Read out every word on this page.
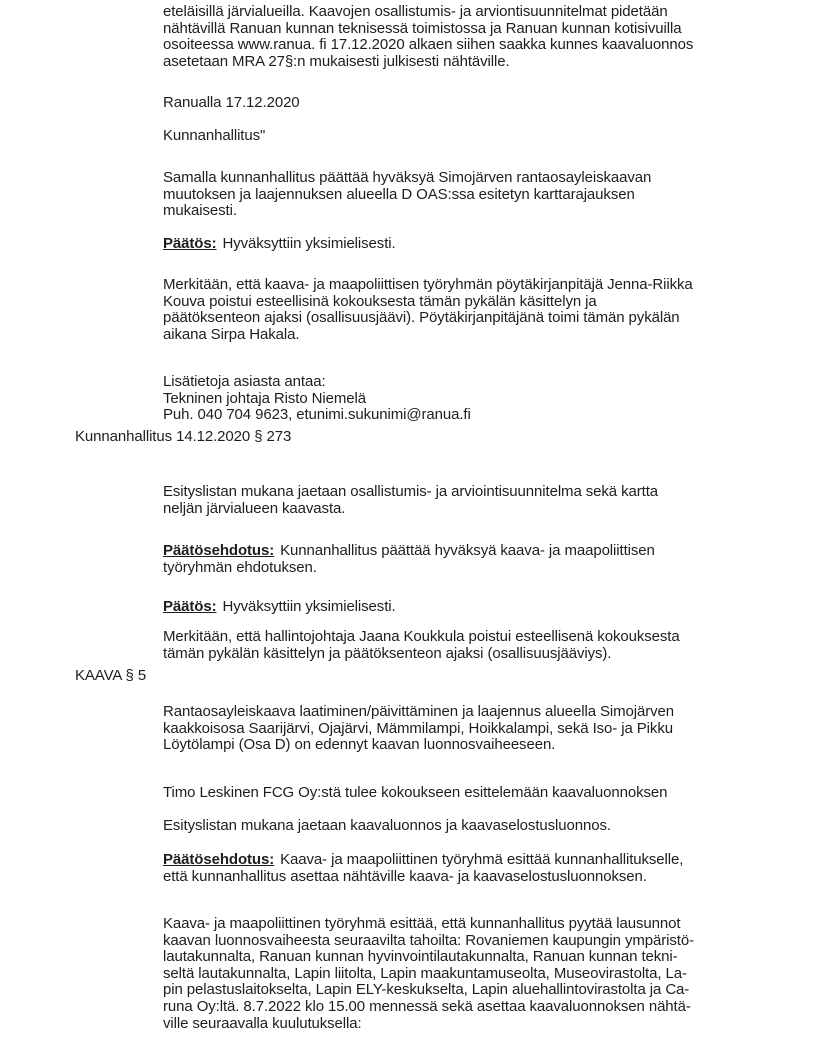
eteläisillä järvialueilla. Kaavojen osallistumis- ja arviontisuunnitelmat pidetään
nähtävillä Ranuan kunnan teknisessä toimistossa ja Ranuan kunnan kotisivuilla
osoiteessa www.ranua. fi 17.12.2020 alkaen siihen saakka kunnes kaavaluonnos
asetetaan MRA 27§:n mukaisesti julkisesti nähtäville.
Ranualla 17.12.2020
Kunnanhallitus"
Samalla kunnanhallitus päättää hyväksyä Simojärven rantaosayleiskaavan
muutoksen ja laajennuksen alueella D OAS:ssa esitetyn karttarajauksen
mukaisesti.
Päätös: Hyväksyttiin yksimielisesti.
Merkitään, että kaava- ja maapoliittisen työryhmän pöytäkirjanpitäjä Jenna-Riikka
Kouva poistui esteellisinä kokouksesta tämän pykälän käsittelyn ja
päätöksenteon ajaksi (osallisuusjäävi). Pöytäkirjanpitäjänä toimi tämän pykälän
aikana Sirpa Hakala.
Lisätietoja asiasta antaa:
Tekninen johtaja Risto Niemelä
Puh. 040 704 9623, etunimi.sukunimi@ranua.fi
Kunnanhallitus 14.12.2020 § 273
Esityslistan mukana jaetaan osallistumis- ja arviointisuunnitelma sekä kartta
neljän järvialueen kaavasta.
Päätösehdotus: Kunnanhallitus päättää hyväksyä kaava- ja maapoliittisen
työryhmän ehdotuksen.
Päätös: Hyväksyttiin yksimielisesti.
Merkitään, että hallintojohtaja Jaana Koukkula poistui esteellisenä kokouksesta
tämän pykälän käsittelyn ja päätöksenteon ajaksi (osallisuusjääviys).
KAAVA § 5
Rantaosayleiskaava laatiminen/päivittäminen ja laajennus alueella Simojärven
kaakkoisosa Saarijärvi, Ojajärvi, Mämmilampi, Hoikkalampi, sekä Iso- ja Pikku
Löytölampi (Osa D) on edennyt kaavan luonnosvaiheeseen.
Timo Leskinen FCG Oy:stä tulee kokoukseen esittelemään kaavaluonnoksen
Esityslistan mukana jaetaan kaavaluonnos ja kaavaselostusluonnos.
Päätösehdotus: Kaava- ja maapoliittinen työryhmä esittää kunnanhallitukselle,
että kunnanhallitus asettaa nähtäville kaava- ja kaavaselostusluonnoksen.
Kaava- ja maapoliittinen työryhmä esittää, että kunnanhallitus pyytää lausunnot
kaavan luonnosvaiheesta seuraavilta tahoilta: Rovaniemen kaupungin ympäristö-
lautakunnalta, Ranuan kunnan hyvinvointilautakunnalta, Ranuan kunnan tekni-
seltä lautakunnalta, Lapin liitolta, Lapin maakuntamuseolta, Museovirastolta, La-
pin pelastuslaitokselta, Lapin ELY-keskukselta, Lapin aluehallintovirastolta ja Ca-
runa Oy:ltä. 8.7.2022 klo 15.00 mennessä sekä asettaa kaavaluonnoksen nähtä-
ville seuraavalla kuulutuksella:
